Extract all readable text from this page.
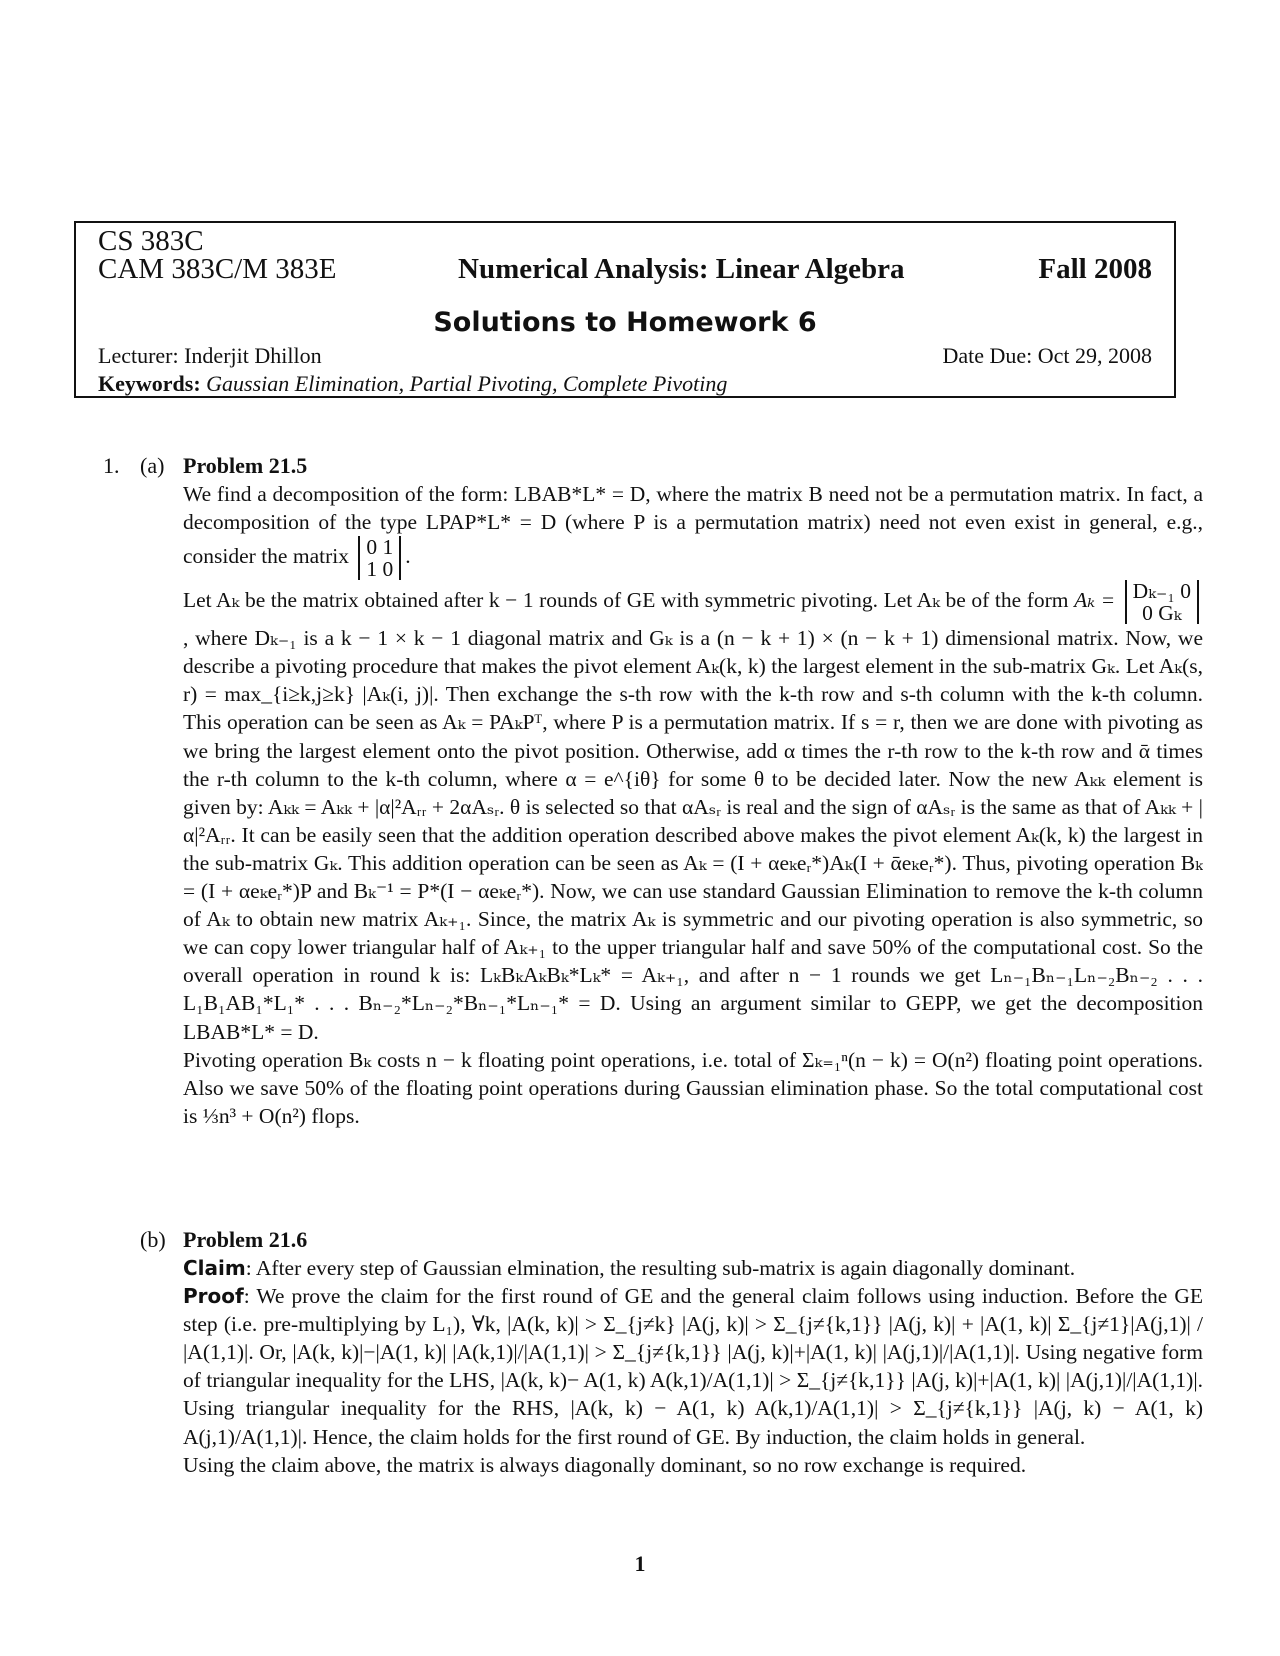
CS 383C
CAM 383C/M 383E	Numerical Analysis: Linear Algebra	Fall 2008
Solutions to Homework 6
Lecturer: Inderjit Dhillon	Date Due: Oct 29, 2008
Keywords: Gaussian Elimination, Partial Pivoting, Complete Pivoting
1. (a) Problem 21.5

We find a decomposition of the form: LBAB*L* = D, where the matrix B need not be a permutation matrix. In fact, a decomposition of the type LPAP*L* = D (where P is a permutation matrix) need not even exist in general, e.g., consider the matrix 0 1
1 0
.

Let Aₖ be the matrix obtained after k − 1 rounds of GE with symmetric pivoting. Let Aₖ be of the form Aₖ = Dₖ₋₁ 0
0 Gₖ
, where Dₖ₋₁ is a k − 1 × k − 1 diagonal matrix and Gₖ is a (n − k + 1) × (n − k + 1) dimensional matrix. Now, we describe a pivoting procedure that makes the pivot element Aₖ(k, k) the largest element in the sub-matrix Gₖ. Let Aₖ(s, r) = max_{i≥k,j≥k} |Aₖ(i, j)|. Then exchange the s-th row with the k-th row and s-th column with the k-th column. This operation can be seen as Aₖ = PAₖPᵀ, where P is a permutation matrix. If s = r, then we are done with pivoting as we bring the largest element onto the pivot position. Otherwise, add α times the r-th row to the k-th row and ᾱ times the r-th column to the k-th column, where α = e^{iθ} for some θ to be decided later. Now the new Aₖₖ element is given by: Aₖₖ = Aₖₖ + |α|²Aᵣᵣ + 2αAₛᵣ. θ is selected so that αAₛᵣ is real and the sign of αAₛᵣ is the same as that of Aₖₖ + |α|²Aᵣᵣ. It can be easily seen that the addition operation described above makes the pivot element Aₖ(k, k) the largest in the sub-matrix Gₖ. This addition operation can be seen as Aₖ = (I + αeₖeᵣ*)Aₖ(I + ᾱeₖeᵣ*). Thus, pivoting operation Bₖ = (I + αeₖeᵣ*)P and Bₖ⁻¹ = P*(I − αeₖeᵣ*). Now, we can use standard Gaussian Elimination to remove the k-th column of Aₖ to obtain new matrix Aₖ₊₁. Since, the matrix Aₖ is symmetric and our pivoting operation is also symmetric, so we can copy lower triangular half of Aₖ₊₁ to the upper triangular half and save 50% of the computational cost. So the overall operation in round k is: LₖBₖAₖBₖ*Lₖ* = Aₖ₊₁, and after n − 1 rounds we get Lₙ₋₁Bₙ₋₁Lₙ₋₂Bₙ₋₂ . . . L₁B₁AB₁*L₁* . . . Bₙ₋₂*Lₙ₋₂*Bₙ₋₁*Lₙ₋₁* = D. Using an argument similar to GEPP, we get the decomposition LBAB*L* = D.

Pivoting operation Bₖ costs n − k floating point operations, i.e. total of Σₖ₌₁ⁿ(n − k) = O(n²) floating point operations. Also we save 50% of the floating point operations during Gaussian elimination phase. So the total computational cost is ⅓n³ + O(n²) flops.

(b) Problem 21.6

Claim: After every step of Gaussian elmination, the resulting sub-matrix is again diagonally dominant.

Proof: We prove the claim for the first round of GE and the general claim follows using induction. Before the GE step (i.e. pre-multiplying by L₁), ∀k, |A(k, k)| > Σ_{j≠k} |A(j, k)| > Σ_{j≠{k,1}} |A(j, k)| + |A(1, k)| Σ_{j≠1}|A(j,1)| / |A(1,1)|. Or, |A(k, k)|−|A(1, k)| |A(k,1)|/|A(1,1)| > Σ_{j≠{k,1}} |A(j, k)|+|A(1, k)| |A(j,1)|/|A(1,1)|. Using negative form of triangular inequality for the LHS, |A(k, k)− A(1, k) A(k,1)/A(1,1)| > Σ_{j≠{k,1}} |A(j, k)|+|A(1, k)| |A(j,1)|/|A(1,1)|. Using triangular inequality for the RHS, |A(k, k) − A(1, k) A(k,1)/A(1,1)| > Σ_{j≠{k,1}} |A(j, k) − A(1, k) A(j,1)/A(1,1)|. Hence, the claim holds for the first round of GE. By induction, the claim holds in general.

Using the claim above, the matrix is always diagonally dominant, so no row exchange is required.

1
